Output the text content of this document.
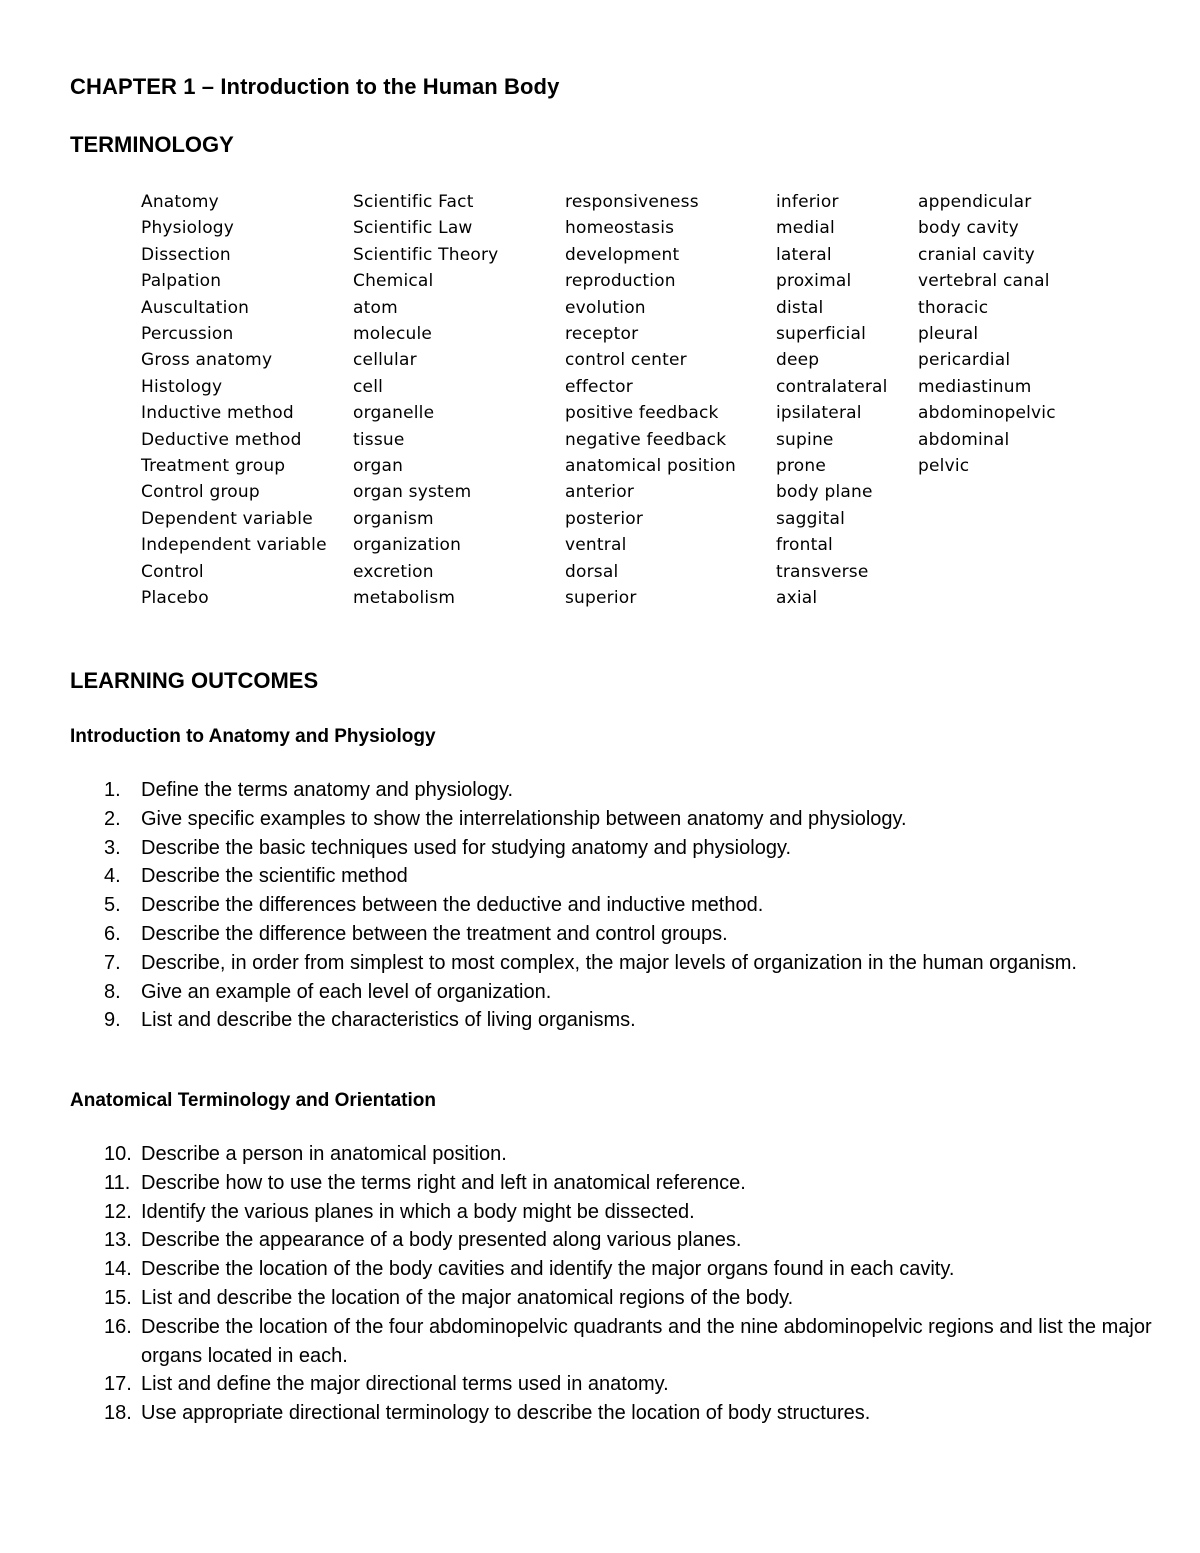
CHAPTER 1 – Introduction to the Human Body
TERMINOLOGY
Anatomy
Physiology
Dissection
Palpation
Auscultation
Percussion
Gross anatomy
Histology
Inductive method
Deductive method
Treatment group
Control group
Dependent variable
Independent variable
Control
Placebo
Scientific Fact
Scientific Law
Scientific Theory
Chemical
atom
molecule
cellular
cell
organelle
tissue
organ
organ system
organism
organization
excretion
metabolism
responsiveness
homeostasis
development
reproduction
evolution
receptor
control center
effector
positive feedback
negative feedback
anatomical position
anterior
posterior
ventral
dorsal
superior
inferior
medial
lateral
proximal
distal
superficial
deep
contralateral
ipsilateral
supine
prone
body plane
saggital
frontal
transverse
axial
appendicular
body cavity
cranial cavity
vertebral canal
thoracic
pleural
pericardial
mediastinum
abdominopelvic
abdominal
pelvic
LEARNING OUTCOMES
Introduction to Anatomy and Physiology
1.	Define the terms anatomy and physiology.
2.	Give specific examples to show the interrelationship between anatomy and physiology.
3.	Describe the basic techniques used for studying anatomy and physiology.
4.	Describe the scientific method
5.	Describe the differences between the deductive and inductive method.
6.	Describe the difference between the treatment and control groups.
7.	Describe, in order from simplest to most complex, the major levels of organization in the human organism.
8.	Give an example of each level of organization.
9.	List and describe the characteristics of living organisms.
Anatomical Terminology and Orientation
10. Describe a person in anatomical position.
11. Describe how to use the terms right and left in anatomical reference.
12. Identify the various planes in which a body might be dissected.
13. Describe the appearance of a body presented along various planes.
14. Describe the location of the body cavities and identify the major organs found in each cavity.
15. List and describe the location of the major anatomical regions of the body.
16. Describe the location of the four abdominopelvic quadrants and the nine abdominopelvic regions and list the major organs located in each.
17. List and define the major directional terms used in anatomy.
18. Use appropriate directional terminology to describe the location of body structures.
